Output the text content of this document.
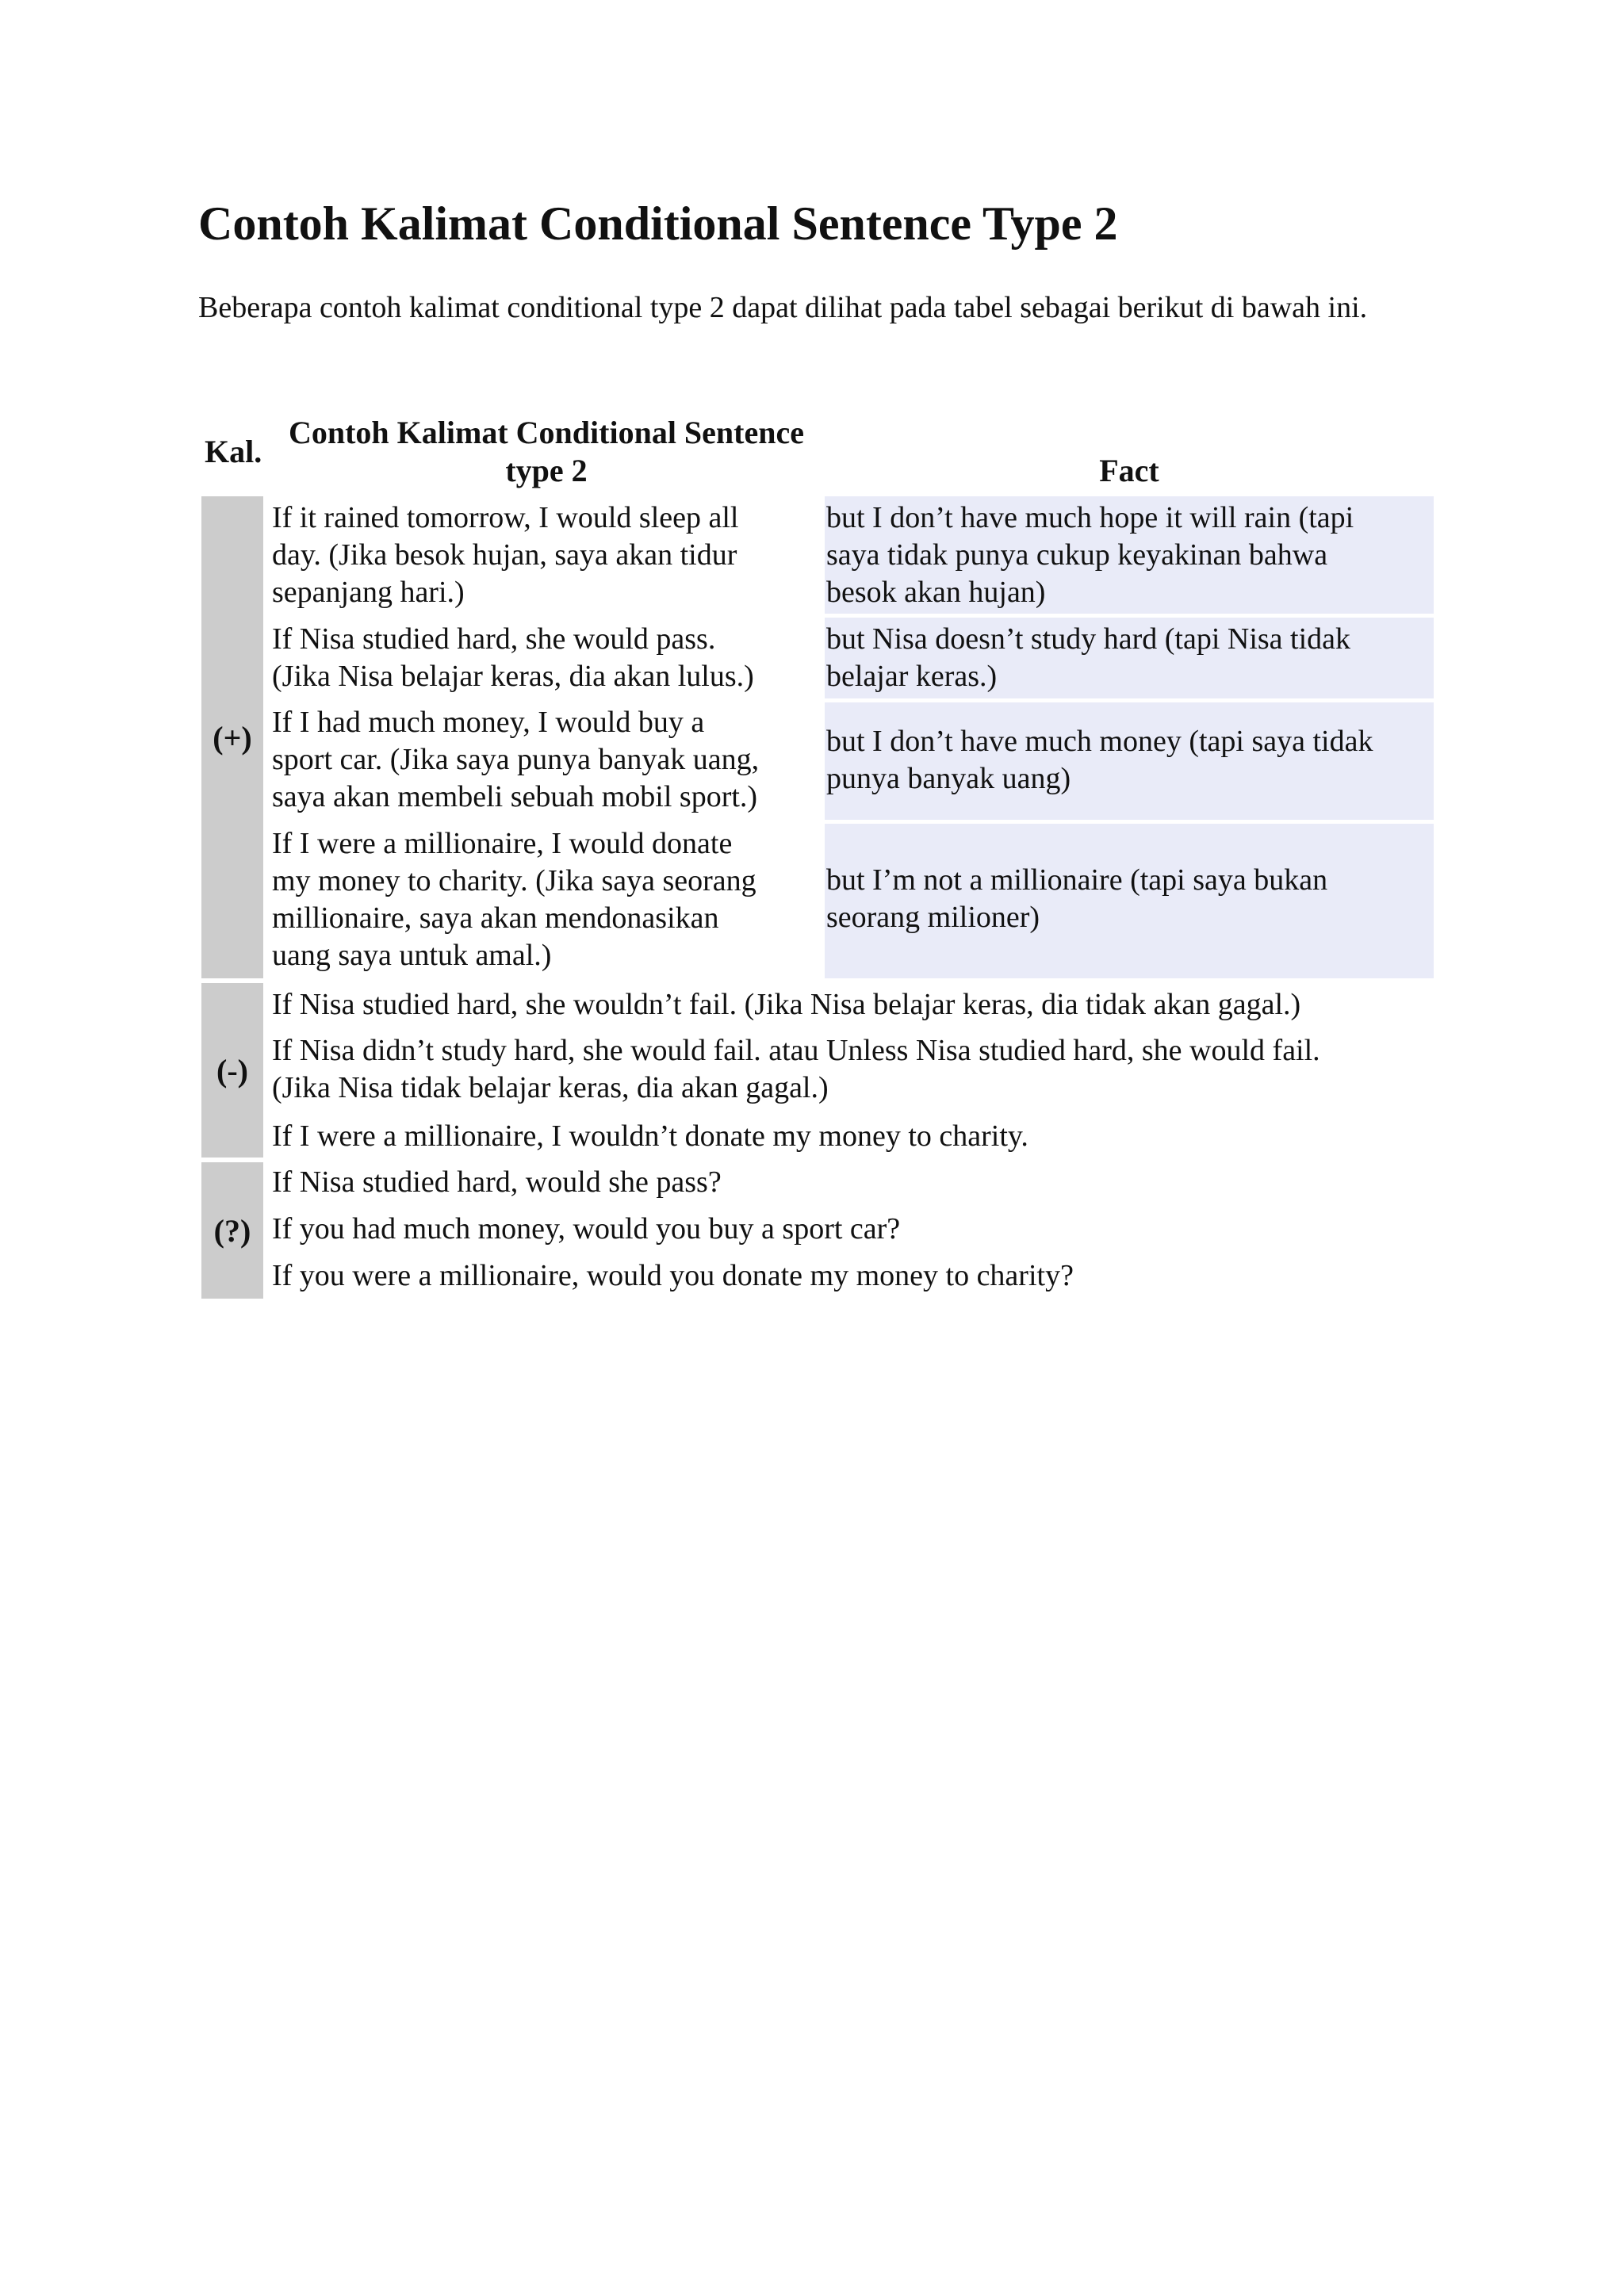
Contoh Kalimat Conditional Sentence Type 2

Beberapa contoh kalimat conditional type 2 dapat dilihat pada tabel sebagai berikut di bawah ini.

Kal.

Contoh Kalimat Conditional Sentence

type 2	Fact

(+)

If it rained tomorrow, I would sleep all

day. (Jika besok hujan, saya akan tidur

sepanjang hari.)

but I don’t have much hope it will rain (tapi

saya tidak punya cukup keyakinan bahwa

besok akan hujan)

If Nisa studied hard, she would pass.

(Jika Nisa belajar keras, dia akan lulus.)

but Nisa doesn’t study hard (tapi Nisa tidak

belajar keras.)

If I had much money, I would buy a

sport car. (Jika saya punya banyak uang,

saya akan membeli sebuah mobil sport.)

but I don’t have much money (tapi saya tidak

punya banyak uang)

If I were a millionaire, I would donate

my money to charity. (Jika saya seorang

millionaire, saya akan mendonasikan

uang saya untuk amal.)

but I’m not a millionaire (tapi saya bukan

seorang milioner)

(-)

If Nisa studied hard, she wouldn’t fail. (Jika Nisa belajar keras, dia tidak akan gagal.)

If Nisa didn’t study hard, she would fail. atau Unless Nisa studied hard, she would fail.

(Jika Nisa tidak belajar keras, dia akan gagal.)

If I were a millionaire, I wouldn’t donate my money to charity.

(?)

If Nisa studied hard, would she pass?

If you had much money, would you buy a sport car?

If you were a millionaire, would you donate my money to charity?
